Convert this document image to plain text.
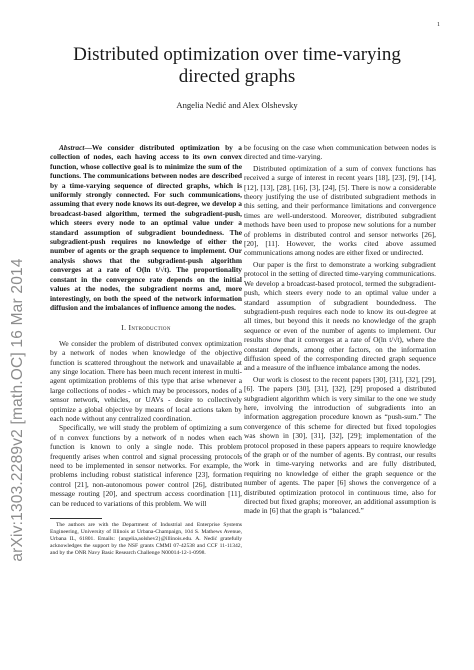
1
arXiv:1303.2289v2 [math.OC] 16 Mar 2014
Distributed optimization over time-varying directed graphs
Angelia Nedić and Alex Olshevsky

Abstract—We consider distributed optimization by a collection of nodes, each having access to its own convex function, whose collective goal is to minimize the sum of the functions. The communications between nodes are described by a time-varying sequence of directed graphs, which is uniformly strongly connected. For such communications, assuming that every node knows its out-degree, we develop a broadcast-based algorithm, termed the subgradient-push, which steers every node to an optimal value under a standard assumption of subgradient boundedness. The subgradient-push requires no knowledge of either the number of agents or the graph sequence to implement. Our analysis shows that the subgradient-push algorithm converges at a rate of O(ln t/√t). The proportionality constant in the convergence rate depends on the initial values at the nodes, the subgradient norms and, more interestingly, on both the speed of the network information diffusion and the imbalances of influence among the nodes.

I. Introduction

We consider the problem of distributed convex optimization by a network of nodes when knowledge of the objective function is scattered throughout the network and unavailable at any singe location. There has been much recent interest in multi-agent optimization problems of this type that arise whenever a large collections of nodes - which may be processors, nodes of a sensor network, vehicles, or UAVs - desire to collectively optimize a global objective by means of local actions taken by each node without any centralized coordination.

Specifically, we will study the problem of optimizing a sum of n convex functions by a network of n nodes when each function is known to only a single node. This problem frequently arises when control and signal processing protocols need to be implemented in sensor networks. For example, the problems including robust statistical inference [23], formation control [21], non-autonomous power control [26], distributed message routing [20], and spectrum access coordination [11], can be reduced to variations of this problem. We will

The authors are with the Department of Industrial and Enterprise Systems Engineering, University of Illinois at Urbana-Champaign, 104 S. Mathews Avenue, Urbana IL, 61801. Emails: {angelia,aolshev2}@illinois.edu. A. Nedić gratefully acknowledges the support by the NSF grants CMMI 07-42538 and CCF 11-11342, and by the ONR Navy Basic Research Challenge N00014-12-1-0998.

be focusing on the case when communication between nodes is directed and time-varying.

Distributed optimization of a sum of convex functions has received a surge of interest in recent years [18], [23], [9], [14], [12], [13], [28], [16], [3], [24], [5]. There is now a considerable theory justifying the use of distributed subgradient methods in this setting, and their performance limitations and convergence times are well-understood. Moreover, distributed subgradient methods have been used to propose new solutions for a number of problems in distributed control and sensor networks [26], [20], [11]. However, the works cited above assumed communications among nodes are either fixed or undirected.

Our paper is the first to demonstrate a working subgradient protocol in the setting of directed time-varying communications. We develop a broadcast-based protocol, termed the subgradient-push, which steers every node to an optimal value under a standard assumption of subgradient boundedness. The subgradient-push requires each node to know its out-degree at all times, but beyond this it needs no knowledge of the graph sequence or even of the number of agents to implement. Our results show that it converges at a rate of O(ln t/√t), where the constant depends, among other factors, on the information diffusion speed of the corresponding directed graph sequence and a measure of the influence imbalance among the nodes.

Our work is closest to the recent papers [30], [31], [32], [29], [6]. The papers [30], [31], [32], [29] proposed a distributed subgradient algorithm which is very similar to the one we study here, involving the introduction of subgradients into an information aggregation procedure known as “push-sum.” The convergence of this scheme for directed but fixed topologies was shown in [30], [31], [32], [29]; implementation of the protocol proposed in these papers appears to require knowledge of the graph or of the number of agents. By contrast, our results work in time-varying networks and are fully distributed, requiring no knowledge of either the graph sequence or the number of agents. The paper [6] shows the convergence of a distributed optimization protocol in continuous time, also for directed but fixed graphs; moreover, an additional assumption is made in [6] that the graph is “balanced.”
